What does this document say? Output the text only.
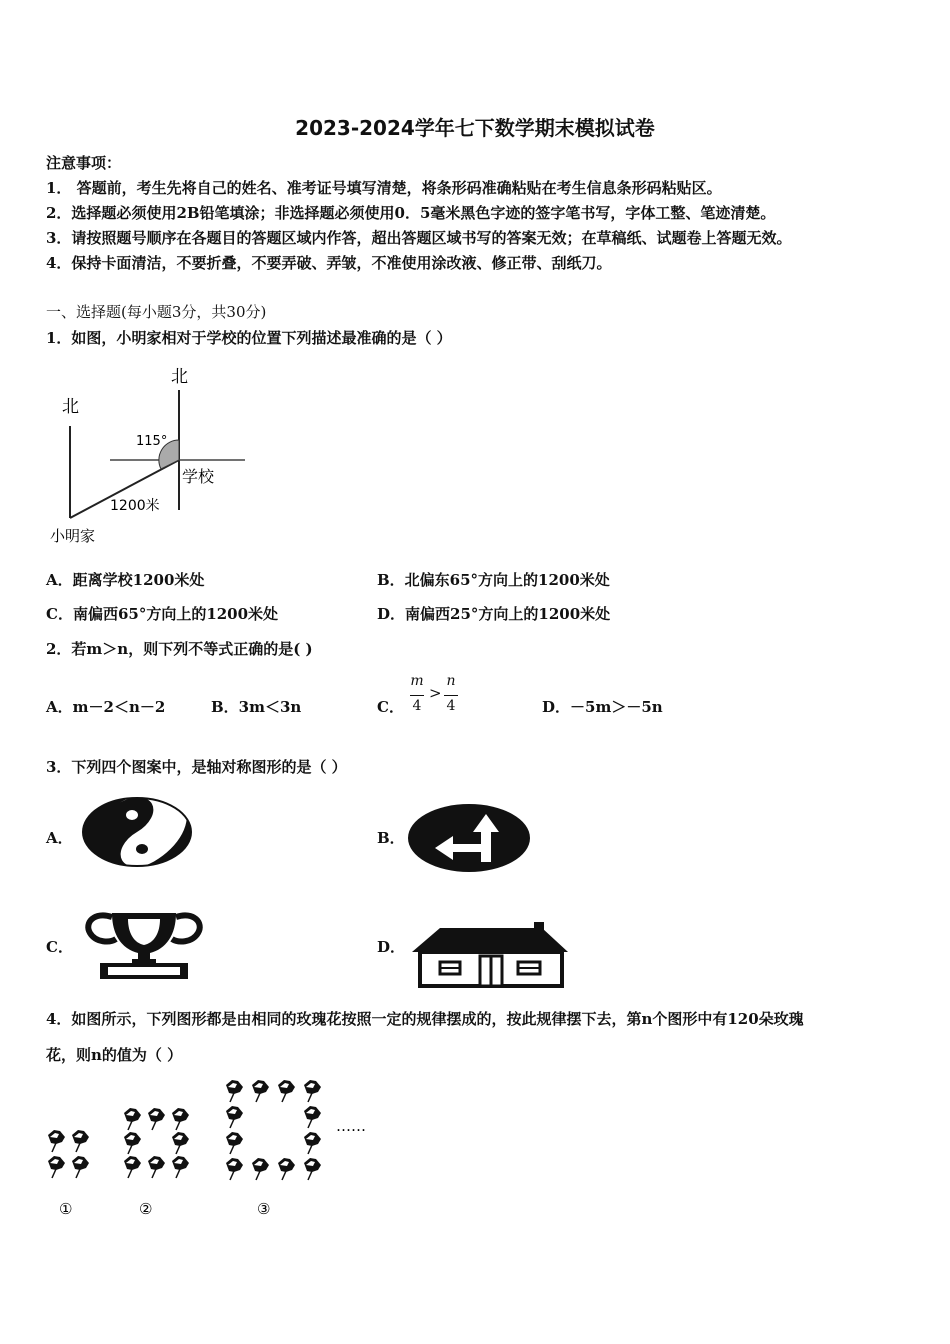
2023-2024学年七下数学期末模拟试卷
注意事项：
1． 答题前，考生先将自己的姓名、准考证号填写清楚，将条形码准确粘贴在考生信息条形码粘贴区。
2．选择题必须使用2B铅笔填涂；非选择题必须使用0．5毫米黑色字迹的签字笔书写，字体工整、笔迹清楚。
3．请按照题号顺序在各题目的答题区域内作答，超出答题区域书写的答案无效；在草稿纸、试题卷上答题无效。
4．保持卡面清洁，不要折叠，不要弄破、弄皱，不准使用涂改液、修正带、刮纸刀。
一、选择题(每小题3分，共30分)
1．如图，小明家相对于学校的位置下列描述最准确的是（ ）
北
北
115°
学校
1200米
小明家
A．距离学校1200米处	B．北偏东65°方向上的1200米处
C．南偏西65°方向上的1200米处	D．南偏西25°方向上的1200米处
2．若m＞n，则下列不等式正确的是( )
A．m－2＜n－2	B．3m＜3n	C．
m
4
>
n
4	D．－5m＞－5n
3．下列四个图案中，是轴对称图形的是（ ）
A．	B．
C．	D．
4．如图所示，下列图形都是由相同的玫瑰花按照一定的规律摆成的，按此规律摆下去，第n个图形中有120朵玫瑰
花，则n的值为（ ）
……
①	②	③
